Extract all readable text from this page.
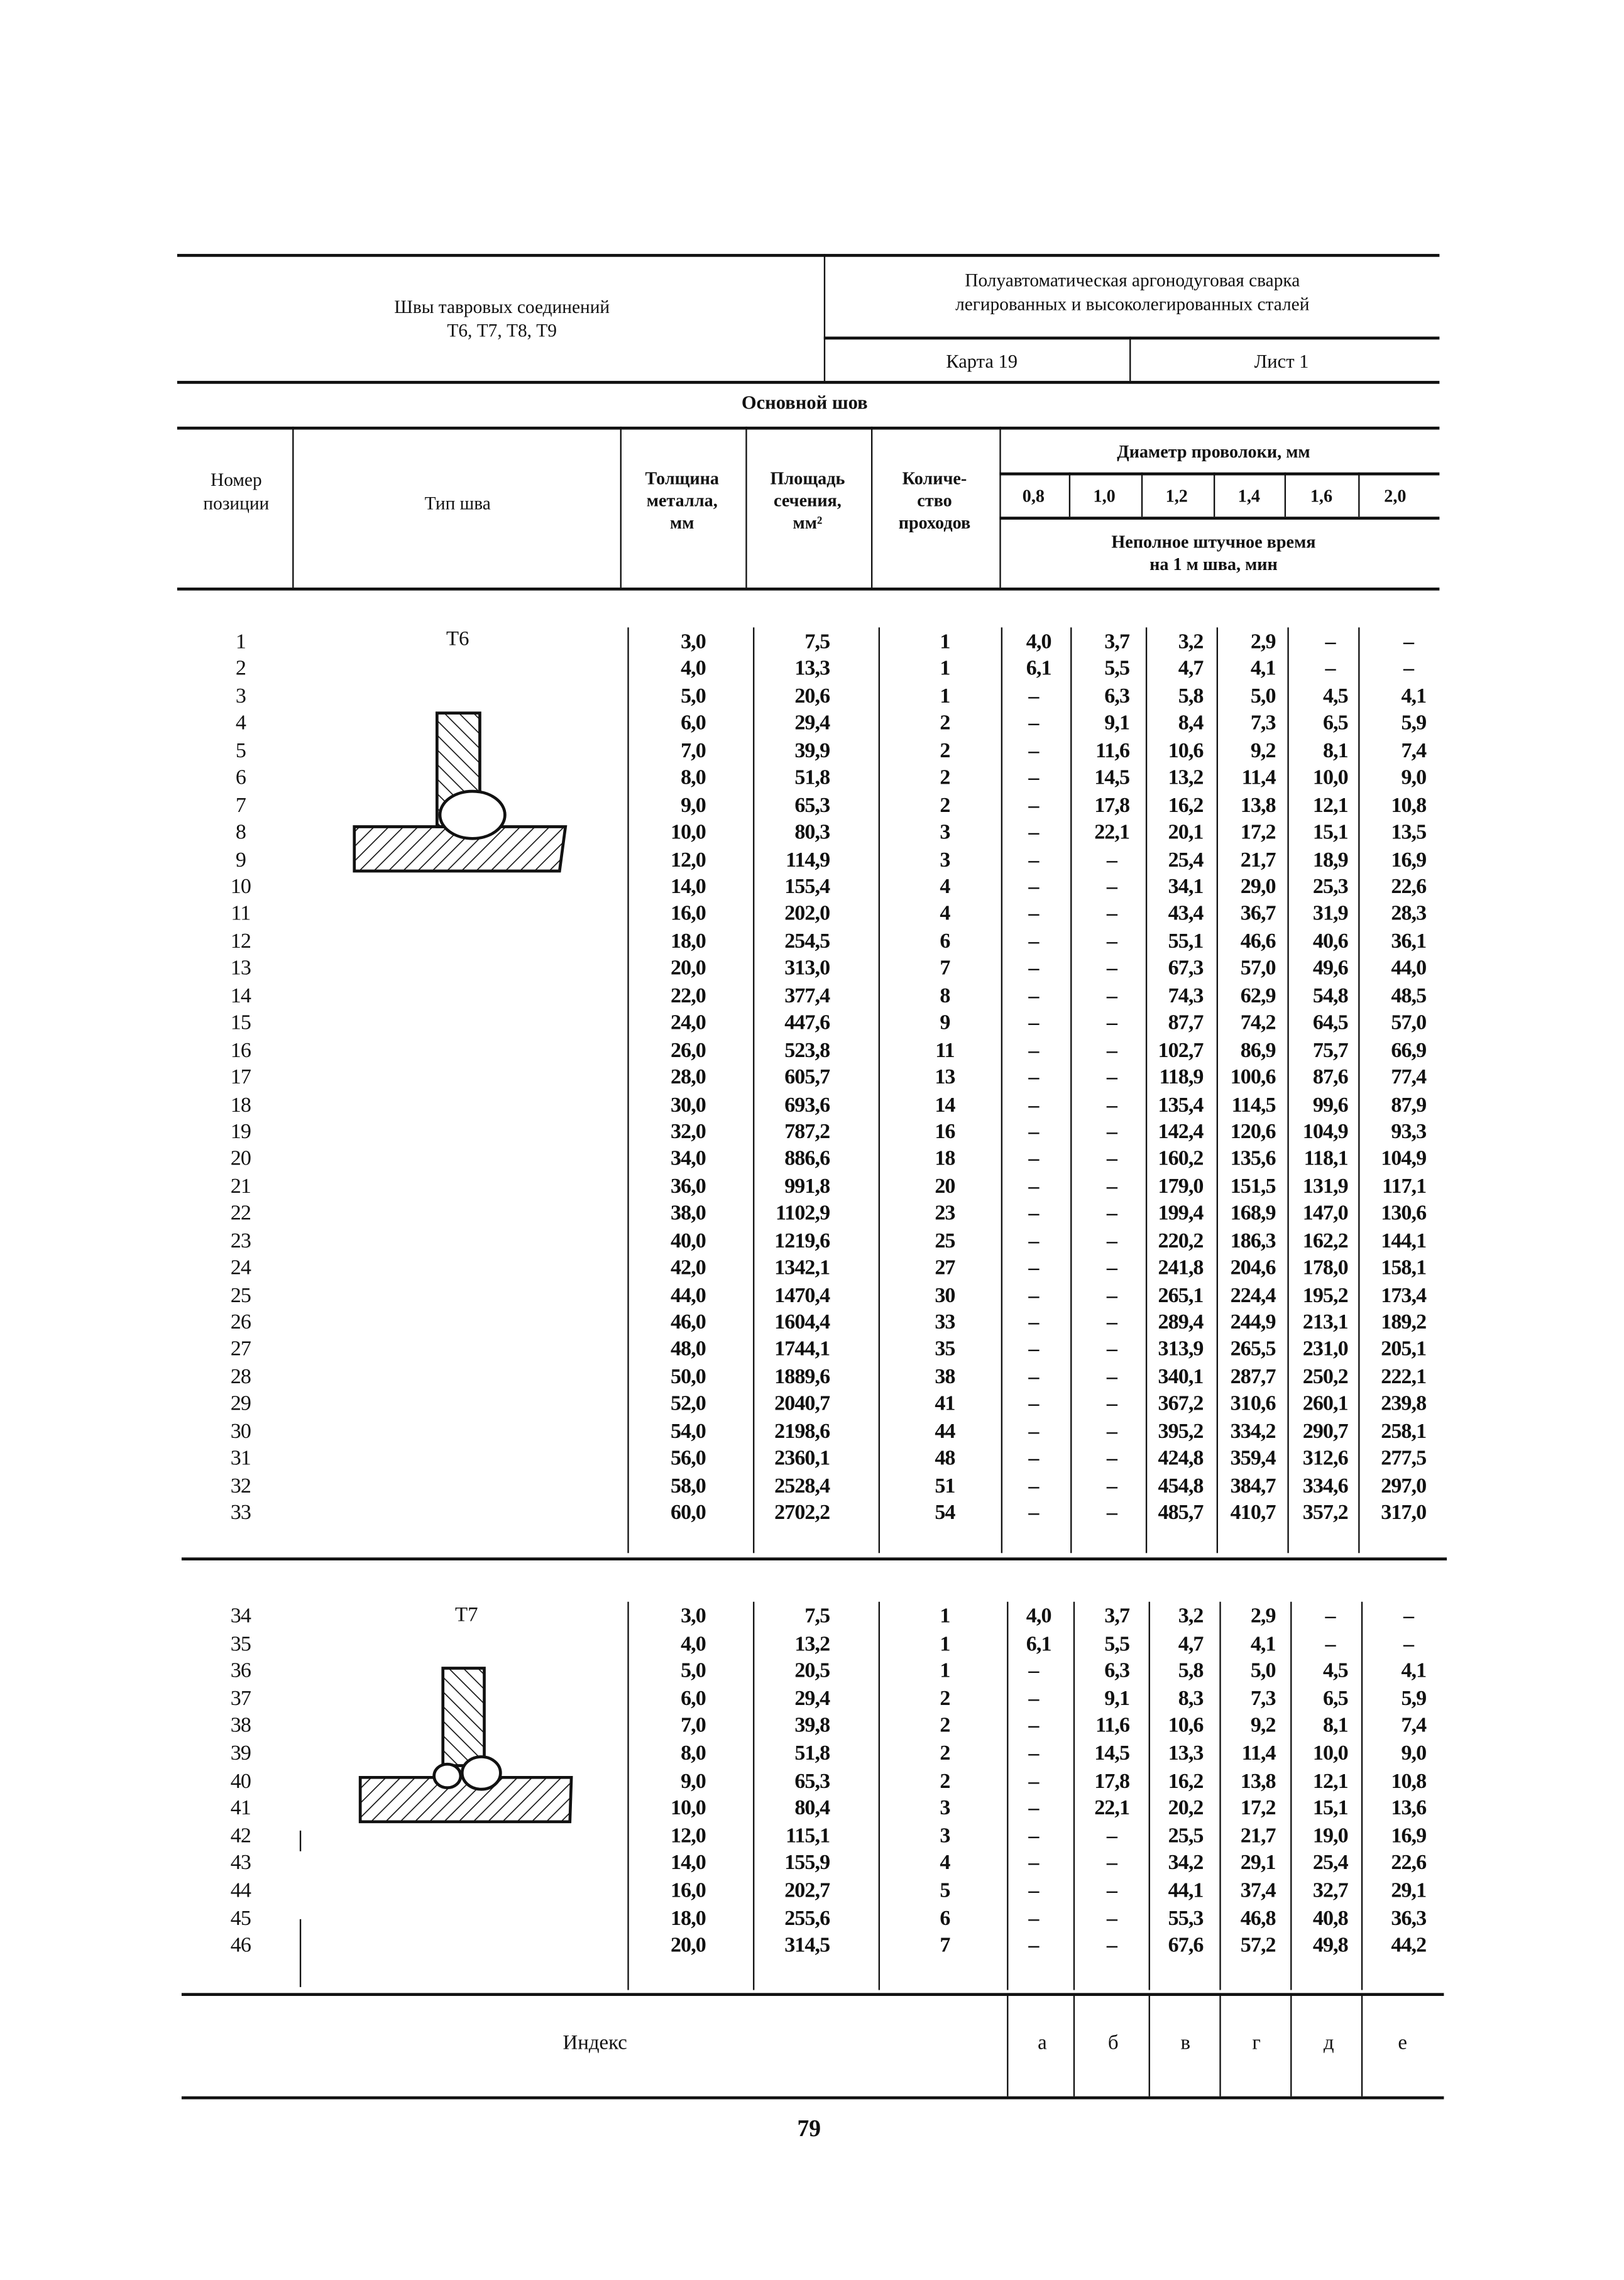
Швы тавровых соединений
Т6, Т7, Т8, Т9
Полуавтоматическая аргонодуговая сварка
легированных и высоколегированных сталей
Карта 19	Лист 1
Основной шов
Номер
позиции	Тип шва
Толщина
металла,
мм
Площадь
сечения,
мм²
Количе-
ство
проходов
Диаметр проволоки, мм
Неполное штучное время
на 1 м шва, мин
Т6
Т7
Индекс
79
0,8	1,0	1,2	1,4	1,6	2,0
а	б	в	г	д	е
1	3,0	7,5	1	4,0	3,7	3,2	2,9	–	–
2	4,0	13,3	1	6,1	5,5	4,7	4,1	–	–
3	5,0	20,6	1	–	6,3	5,8	5,0	4,5	4,1
4	6,0	29,4	2	–	9,1	8,4	7,3	6,5	5,9
5	7,0	39,9	2	–	11,6	10,6	9,2	8,1	7,4
6	8,0	51,8	2	–	14,5	13,2	11,4	10,0	9,0
7	9,0	65,3	2	–	17,8	16,2	13,8	12,1	10,8
8	10,0	80,3	3	–	22,1	20,1	17,2	15,1	13,5
9	12,0	114,9	3	–	–	25,4	21,7	18,9	16,9
10	14,0	155,4	4	–	–	34,1	29,0	25,3	22,6
11	16,0	202,0	4	–	–	43,4	36,7	31,9	28,3
12	18,0	254,5	6	–	–	55,1	46,6	40,6	36,1
13	20,0	313,0	7	–	–	67,3	57,0	49,6	44,0
14	22,0	377,4	8	–	–	74,3	62,9	54,8	48,5
15	24,0	447,6	9	–	–	87,7	74,2	64,5	57,0
16	26,0	523,8	11	–	–	102,7	86,9	75,7	66,9
17	28,0	605,7	13	–	–	118,9	100,6	87,6	77,4
18	30,0	693,6	14	–	–	135,4	114,5	99,6	87,9
19	32,0	787,2	16	–	–	142,4	120,6	104,9	93,3
20	34,0	886,6	18	–	–	160,2	135,6	118,1	104,9
21	36,0	991,8	20	–	–	179,0	151,5	131,9	117,1
22	38,0	1102,9	23	–	–	199,4	168,9	147,0	130,6
23	40,0	1219,6	25	–	–	220,2	186,3	162,2	144,1
24	42,0	1342,1	27	–	–	241,8	204,6	178,0	158,1
25	44,0	1470,4	30	–	–	265,1	224,4	195,2	173,4
26	46,0	1604,4	33	–	–	289,4	244,9	213,1	189,2
27	48,0	1744,1	35	–	–	313,9	265,5	231,0	205,1
28	50,0	1889,6	38	–	–	340,1	287,7	250,2	222,1
29	52,0	2040,7	41	–	–	367,2	310,6	260,1	239,8
30	54,0	2198,6	44	–	–	395,2	334,2	290,7	258,1
31	56,0	2360,1	48	–	–	424,8	359,4	312,6	277,5
32	58,0	2528,4	51	–	–	454,8	384,7	334,6	297,0
33	60,0	2702,2	54	–	–	485,7	410,7	357,2	317,0
34	3,0	7,5	1	4,0	3,7	3,2	2,9	–	–
35	4,0	13,2	1	6,1	5,5	4,7	4,1	–	–
36	5,0	20,5	1	–	6,3	5,8	5,0	4,5	4,1
37	6,0	29,4	2	–	9,1	8,3	7,3	6,5	5,9
38	7,0	39,8	2	–	11,6	10,6	9,2	8,1	7,4
39	8,0	51,8	2	–	14,5	13,3	11,4	10,0	9,0
40	9,0	65,3	2	–	17,8	16,2	13,8	12,1	10,8
41	10,0	80,4	3	–	22,1	20,2	17,2	15,1	13,6
42	12,0	115,1	3	–	–	25,5	21,7	19,0	16,9
43	14,0	155,9	4	–	–	34,2	29,1	25,4	22,6
44	16,0	202,7	5	–	–	44,1	37,4	32,7	29,1
45	18,0	255,6	6	–	–	55,3	46,8	40,8	36,3
46	20,0	314,5	7	–	–	67,6	57,2	49,8	44,2
